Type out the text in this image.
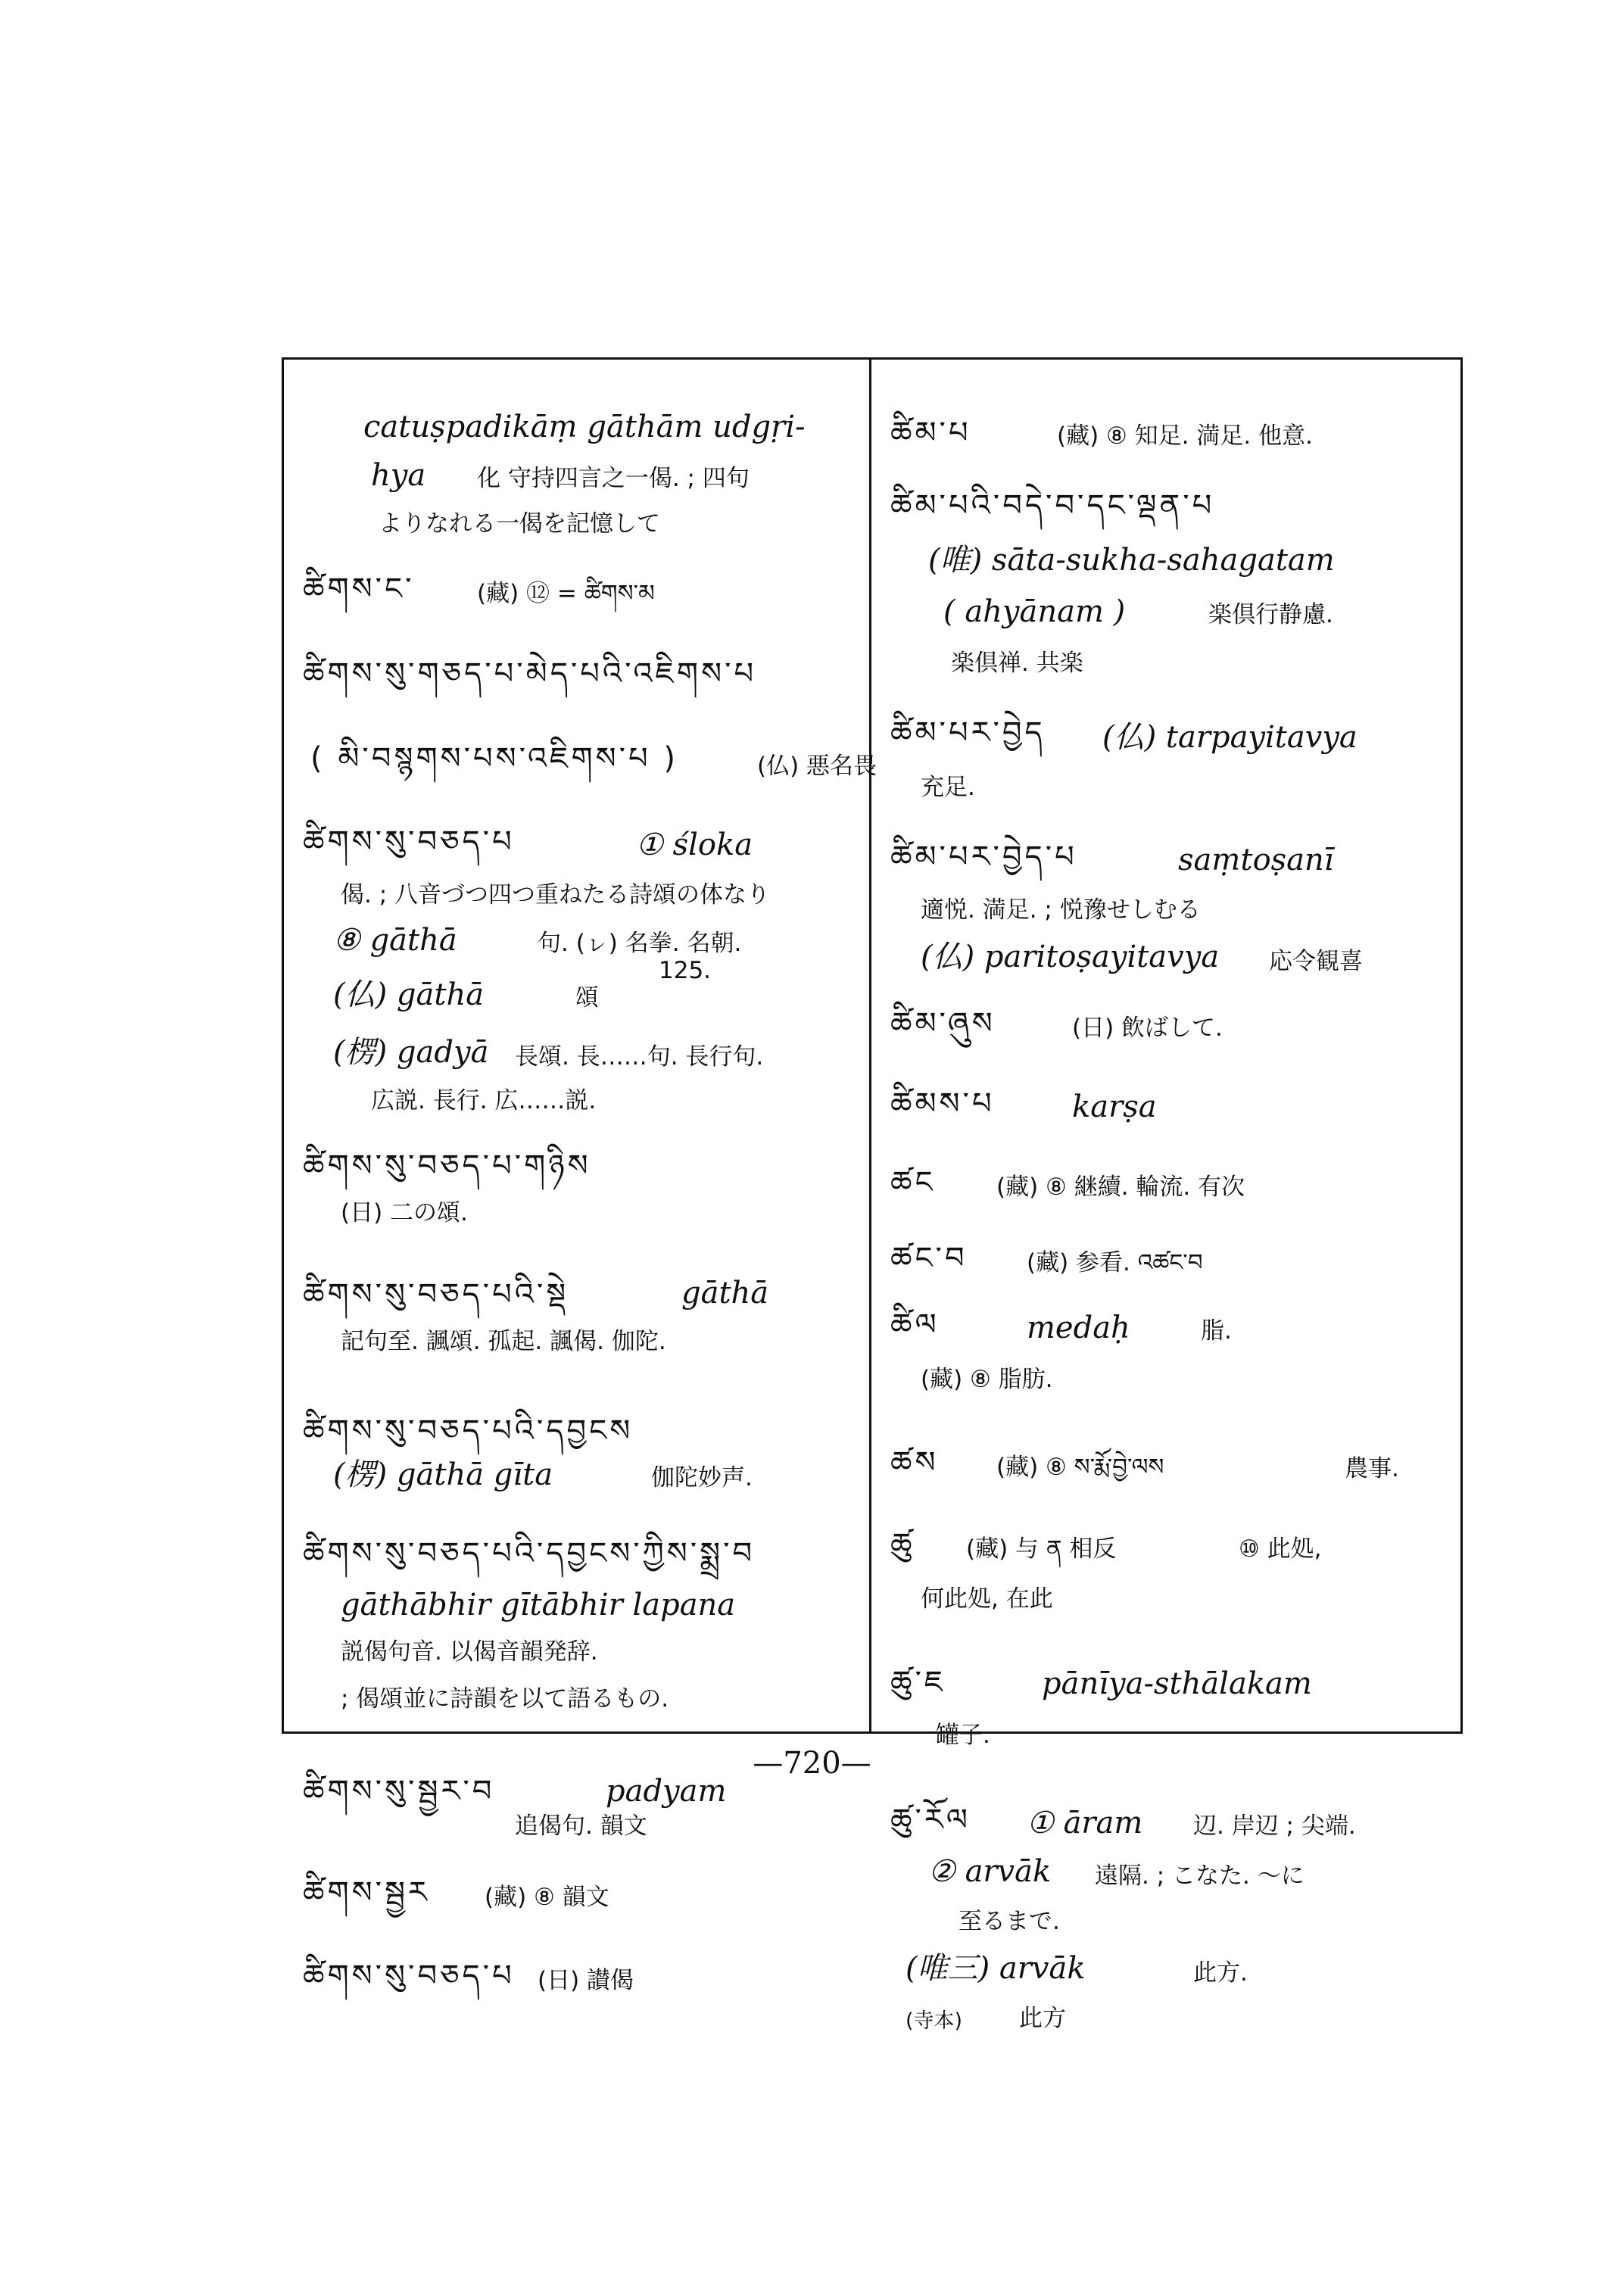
catuṣpadikāṃ gāthām udgṛi-
hya 化 守持四言之一偈. ; 四句
よりなれる一偈を記憶して
ཚིགས་ང་	(藏) ⑫ = ཚིགས་མ
ཚིགས་སུ་གཅད་པ་མེད་པའི་འཇིགས་པ
( མི་བསྙགས་པས་འཇིགས་པ )	(仏) 悪名畏
ཚིགས་སུ་བཅད་པ	① śloka
偈. ; 八音づつ四つ重ねたる詩頌の体なり
⑧ gāthā	句. (ㇾ) 名拳. 名朝.
125.
(仏) gāthā	頌
(楞) gadyā 長頌. 長……句. 長行句.
広説. 長行. 広……説.
ཚིགས་སུ་བཅད་པ་གཉིས
(日) 二の頌.
ཚིགས་སུ་བཅད་པའི་སྡེ	gāthā
記句至. 諷頌. 孤起. 諷偈. 伽陀.
ཚིགས་སུ་བཅད་པའི་དབྱངས
(楞) gāthā gīta	伽陀妙声.
ཚིགས་སུ་བཅད་པའི་དབྱངས་ཀྱིས་སྨྲ་བ
gāthābhir gītābhir lapana
説偈句音. 以偈音韻発辞.
; 偈頌並に詩韻を以て語るもの.
ཚིགས་སུ་སྦྱར་བ	padyam
追偈句. 韻文
ཚིགས་སྦྱར (藏) ⑧ 韻文
ཚིགས་སུ་བཅད་པ (日) 讃偈
ཚིམ་པ	(藏) ⑧ 知足. 満足. 他意.
ཚིམ་པའི་བདེ་བ་དང་ལྡན་པ
(唯) sāta-sukha-sahagatam
( ahyānam )	楽倶行静慮.
楽倶禅. 共楽
ཚིམ་པར་བྱེད (仏) tarpayitavya
充足.
ཚིམ་པར་བྱེད་པ	saṃtoṣanī
適悦. 満足. ; 悦豫せしむる
(仏) paritoṣayitavya 応令観喜
ཚིམ་ཞུས	(日) 飲ばして.
ཚིམས་པ	karṣa
ཚང	(藏) ⑧ 継續. 輪流. 有次
ཚང་བ	(藏) 参看. འཚང་བ
ཚིལ	medaḥ	脂.
(藏) ⑧ 脂肪.
ཚས (藏) ⑧ ས་རྨོ་བྱེ་ལས	農事.
ཚུ (藏) 与 ན 相反	⑩ 此処,
何此処, 在此
ཚུ་ཇ	pānīya-sthālakam
罐子.
ཚུ་རོལ ① āram 辺. 岸辺 ; 尖端.
② arvāk 遠隔. ; こなた. ～に
至るまで.
(唯三) arvāk	此方.
(寺本) 此方
—720—
